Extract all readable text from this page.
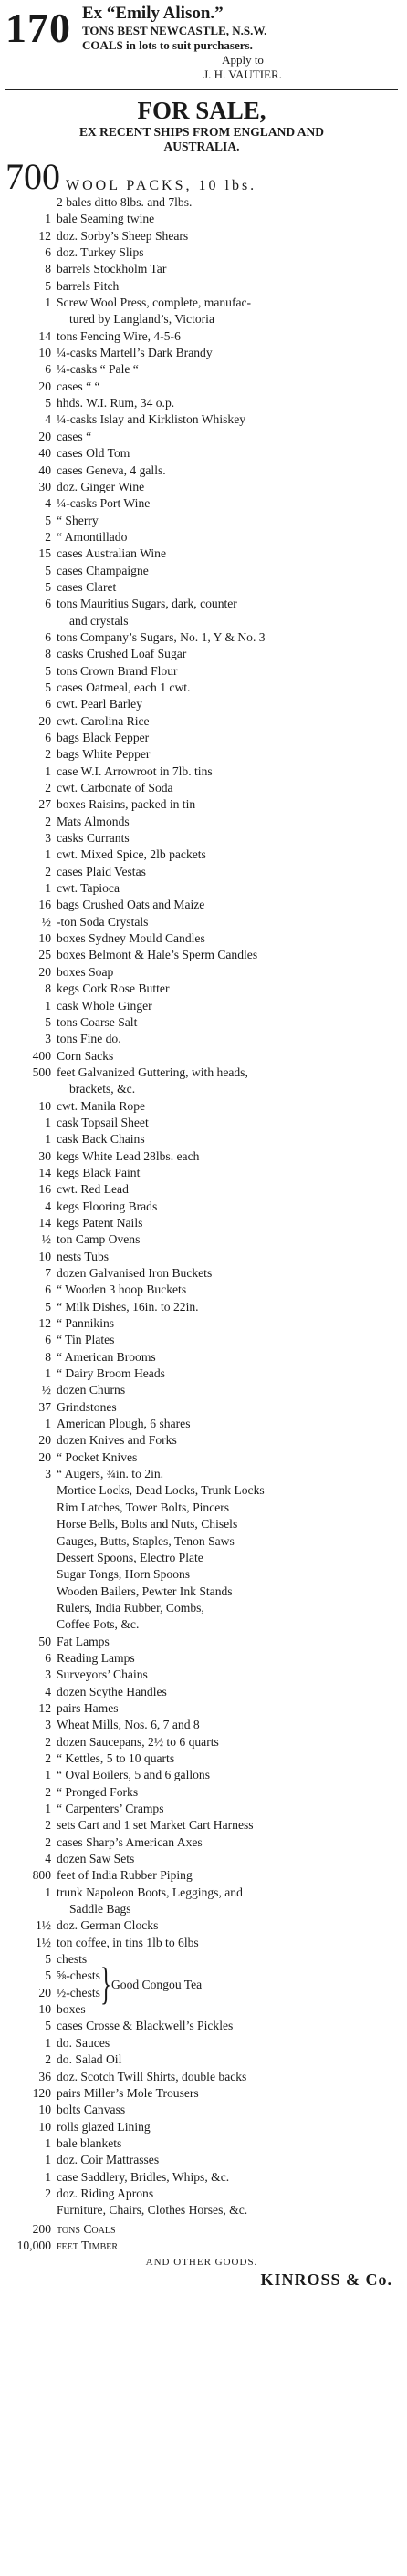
170 Ex “Emily Alison.”
TONS BEST NEWCASTLE, N.S.W.
COALS in lots to suit purchasers.
Apply to
J. H. VAUTIER.
FOR SALE,
EX RECENT SHIPS FROM ENGLAND AND
AUSTRALIA.
700 WOOL PACKS, 10 lbs.
2 bales ditto 8lbs. and 7lbs.
1 bale Seaming twine
12 doz. Sorby’s Sheep Shears
6 doz. Turkey Slips
8 barrels Stockholm Tar
5 barrels Pitch
1 Screw Wool Press, complete, manufac-
tured by Langland’s, Victoria
14 tons Fencing Wire, 4-5-6
10 ¼-casks Martell’s Dark Brandy
6 ¼-casks “ Pale “
20 cases “ “
5 hhds. W.I. Rum, 34 o.p.
4 ¼-casks Islay and Kirkliston Whiskey
20 cases “
40 cases Old Tom
40 cases Geneva, 4 galls.
30 doz. Ginger Wine
4 ¼-casks Port Wine
5 “ Sherry
2 “ Amontillado
15 cases Australian Wine
5 cases Champaigne
5 cases Claret
6 tons Mauritius Sugars, dark, counter
and crystals
6 tons Company’s Sugars, No. 1, Y & No. 3
8 casks Crushed Loaf Sugar
5 tons Crown Brand Flour
5 cases Oatmeal, each 1 cwt.
6 cwt. Pearl Barley
20 cwt. Carolina Rice
6 bags Black Pepper
2 bags White Pepper
1 case W.I. Arrowroot in 7lb. tins
2 cwt. Carbonate of Soda
27 boxes Raisins, packed in tin
2 Mats Almonds
3 casks Currants
1 cwt. Mixed Spice, 2lb packets
2 cases Plaid Vestas
1 cwt. Tapioca
16 bags Crushed Oats and Maize
½ -ton Soda Crystals
10 boxes Sydney Mould Candles
25 boxes Belmont & Hale’s Sperm Candles
20 boxes Soap
8 kegs Cork Rose Butter
1 cask Whole Ginger
5 tons Coarse Salt
3 tons Fine do.
400 Corn Sacks
500 feet Galvanized Guttering, with heads,
brackets, &c.
10 cwt. Manila Rope
1 cask Topsail Sheet
1 cask Back Chains
30 kegs White Lead 28lbs. each
14 kegs Black Paint
16 cwt. Red Lead
4 kegs Flooring Brads
14 kegs Patent Nails
½ ton Camp Ovens
10 nests Tubs
7 dozen Galvanised Iron Buckets
6 “ Wooden 3 hoop Buckets
5 “ Milk Dishes, 16in. to 22in.
12 “ Pannikins
6 “ Tin Plates
8 “ American Brooms
1 “ Dairy Broom Heads
½ dozen Churns
37 Grindstones
1 American Plough, 6 shares
20 dozen Knives and Forks
20 “ Pocket Knives
3 “ Augers, ¾in. to 2in.
Mortice Locks, Dead Locks, Trunk Locks
Rim Latches, Tower Bolts, Pincers
Horse Bells, Bolts and Nuts, Chisels
Gauges, Butts, Staples, Tenon Saws
Dessert Spoons, Electro Plate
Sugar Tongs, Horn Spoons
Wooden Bailers, Pewter Ink Stands
Rulers, India Rubber, Combs,
Coffee Pots, &c.
50 Fat Lamps
6 Reading Lamps
3 Surveyors’ Chains
4 dozen Scythe Handles
12 pairs Hames
3 Wheat Mills, Nos. 6, 7 and 8
2 dozen Saucepans, 2½ to 6 quarts
2 “ Kettles, 5 to 10 quarts
1 “ Oval Boilers, 5 and 6 gallons
2 “ Pronged Forks
1 “ Carpenters’ Cramps
2 sets Cart and 1 set Market Cart Harness
2 cases Sharp’s American Axes
4 dozen Saw Sets
800 feet of India Rubber Piping
1 trunk Napoleon Boots, Leggings, and
Saddle Bags
1½ doz. German Clocks
1½ ton coffee, in tins 1lb to 6lbs
5 chests
5 ⅝-chests
20 ½-chests
10 boxes
} Good Congou Tea
5 cases Crosse & Blackwell’s Pickles
1 do. Sauces
2 do. Salad Oil
36 doz. Scotch Twill Shirts, double backs
120 pairs Miller’s Mole Trousers
10 bolts Canvass
10 rolls glazed Lining
1 bale blankets
1 doz. Coir Mattrasses
1 case Saddlery, Bridles, Whips, &c.
2 doz. Riding Aprons
Furniture, Chairs, Clothes Horses, &c.
200 tons Coals
10,000 feet Timber
AND OTHER GOODS.
KINROSS & Co.
